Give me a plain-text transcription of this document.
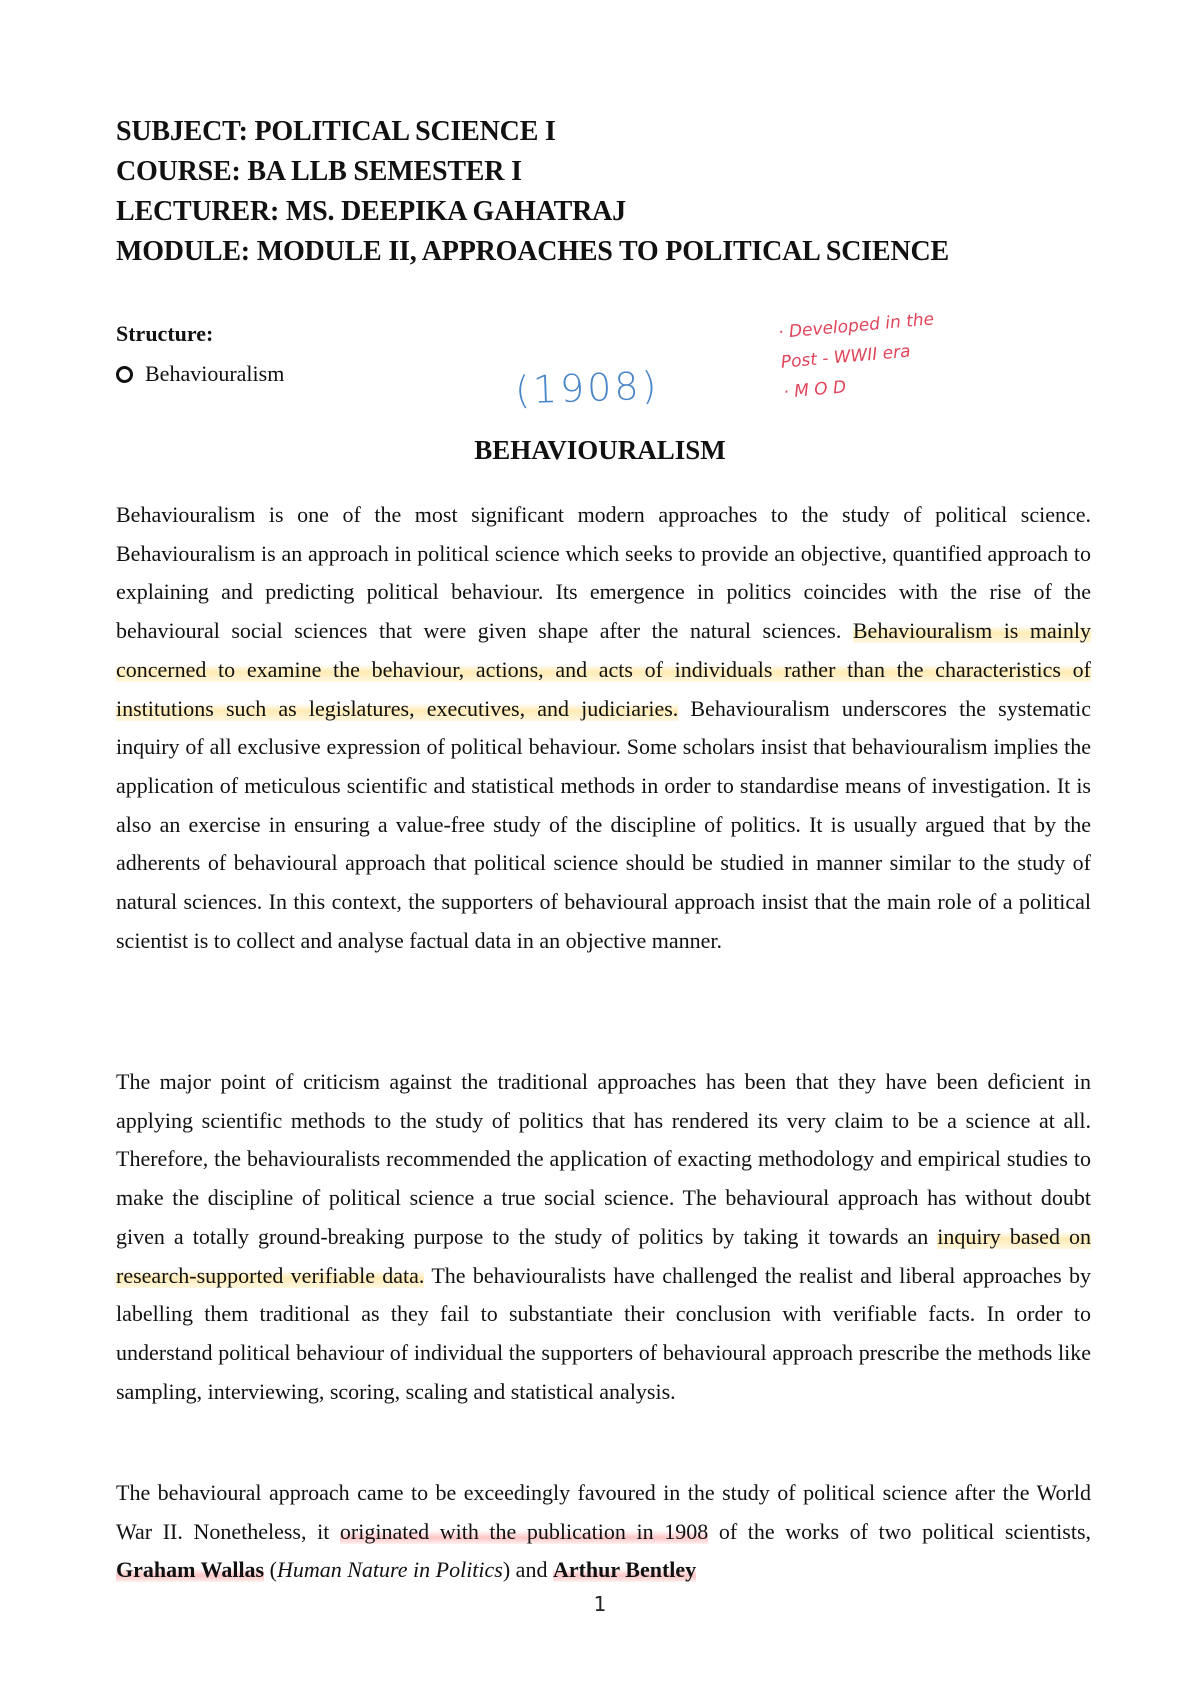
SUBJECT: POLITICAL SCIENCE I
COURSE: BA LLB SEMESTER I
LECTURER: MS. DEEPIKA GAHATRAJ
MODULE: MODULE II, APPROACHES TO POLITICAL SCIENCE
Structure:
Behaviouralism	(1908)
· Developed in the
Post - WWII era
· M O D
BEHAVIOURALISM

Behaviouralism is one of the most significant modern approaches to the study of political science. Behaviouralism is an approach in political science which seeks to provide an objective, quantified approach to explaining and predicting political behaviour. Its emergence in politics coincides with the rise of the behavioural social sciences that were given shape after the natural sciences. Behaviouralism is mainly concerned to examine the behaviour, actions, and acts of individuals rather than the characteristics of institutions such as legislatures, executives, and judiciaries. Behaviouralism underscores the systematic inquiry of all exclusive expression of political behaviour. Some scholars insist that behaviouralism implies the application of meticulous scientific and statistical methods in order to standardise means of investigation. It is also an exercise in ensuring a value-free study of the discipline of politics. It is usually argued that by the adherents of behavioural approach that political science should be studied in manner similar to the study of natural sciences. In this context, the supporters of behavioural approach insist that the main role of a political scientist is to collect and analyse factual data in an objective manner.

The major point of criticism against the traditional approaches has been that they have been deficient in applying scientific methods to the study of politics that has rendered its very claim to be a science at all. Therefore, the behaviouralists recommended the application of exacting methodology and empirical studies to make the discipline of political science a true social science. The behavioural approach has without doubt given a totally ground-breaking purpose to the study of politics by taking it towards an inquiry based on research-supported verifiable data. The behaviouralists have challenged the realist and liberal approaches by labelling them traditional as they fail to substantiate their conclusion with verifiable facts. In order to understand political behaviour of individual the supporters of behavioural approach prescribe the methods like sampling, interviewing, scoring, scaling and statistical analysis.

The behavioural approach came to be exceedingly favoured in the study of political science after the World War II. Nonetheless, it originated with the publication in 1908 of the works of two political scientists, Graham Wallas (Human Nature in Politics) and Arthur Bentley

1
